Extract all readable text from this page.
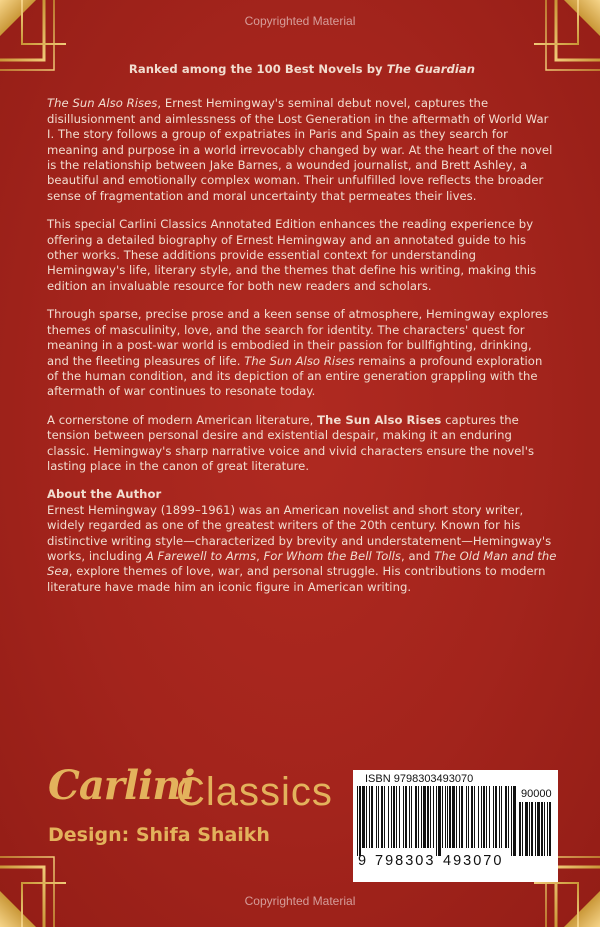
Copyrighted Material
Ranked among the 100 Best Novels by The Guardian

The Sun Also Rises, Ernest Hemingway's seminal debut novel, captures the disillusionment and aimlessness of the Lost Generation in the aftermath of World War I. The story follows a group of expatriates in Paris and Spain as they search for meaning and purpose in a world irrevocably changed by war. At the heart of the novel is the relationship between Jake Barnes, a wounded journalist, and Brett Ashley, a beautiful and emotionally complex woman. Their unfulfilled love reflects the broader sense of fragmentation and moral uncertainty that permeates their lives.

This special Carlini Classics Annotated Edition enhances the reading experience by offering a detailed biography of Ernest Hemingway and an annotated guide to his other works. These additions provide essential context for understanding Hemingway's life, literary style, and the themes that define his writing, making this edition an invaluable resource for both new readers and scholars.

Through sparse, precise prose and a keen sense of atmosphere, Hemingway explores themes of masculinity, love, and the search for identity. The characters' quest for meaning in a post-war world is embodied in their passion for bullfighting, drinking, and the fleeting pleasures of life. The Sun Also Rises remains a profound exploration of the human condition, and its depiction of an entire generation grappling with the aftermath of war continues to resonate today.

A cornerstone of modern American literature, The Sun Also Rises captures the tension between personal desire and existential despair, making it an enduring classic. Hemingway's sharp narrative voice and vivid characters ensure the novel's lasting place in the canon of great literature.

About the Author

Ernest Hemingway (1899–1961) was an American novelist and short story writer, widely regarded as one of the greatest writers of the 20th century. Known for his distinctive writing style—characterized by brevity and understatement—Hemingway's works, including A Farewell to Arms, For Whom the Bell Tolls, and The Old Man and the Sea, explore themes of love, war, and personal struggle. His contributions to modern literature have made him an iconic figure in American writing.

Carlini
Classics
Design: Shifa Shaikh
ISBN 9798303493070
90000
9 798303 493070
Copyrighted Material
